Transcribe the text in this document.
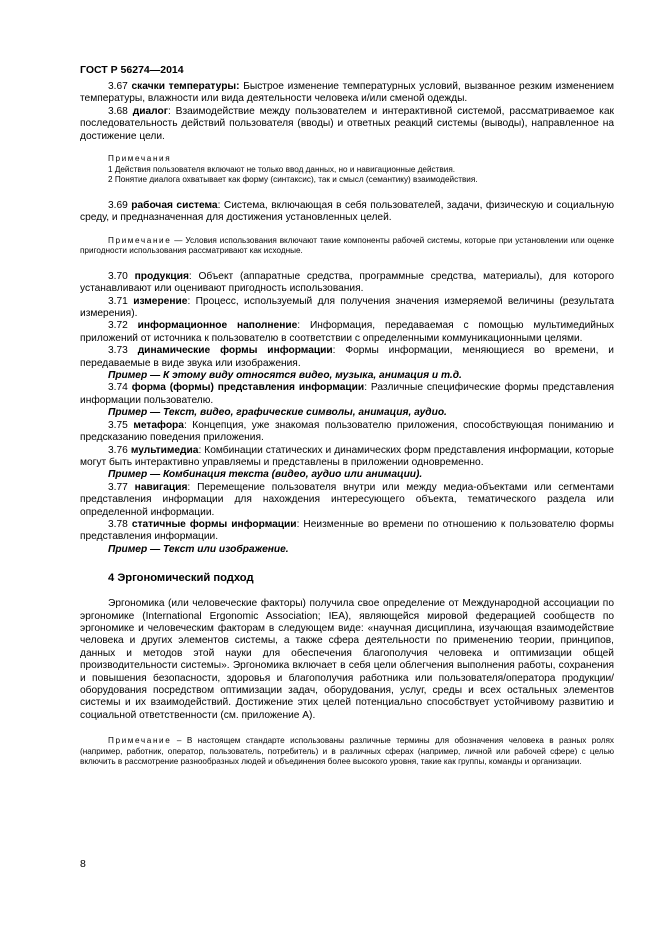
ГОСТ Р 56274—2014

3.67 скачки температуры: Быстрое изменение температурных условий, вызванное резким изменением температуры, влажности или вида деятельности человека и/или сменой одежды.

3.68 диалог: Взаимодействие между пользователем и интерактивной системой, рассматриваемое как последовательность действий пользователя (вводы) и ответных реакций системы (выводы), направленное на достижение цели.

Примечания

1 Действия пользователя включают не только ввод данных, но и навигационные действия.

2 Понятие диалога охватывает как форму (синтаксис), так и смысл (семантику) взаимодействия.

3.69 рабочая система: Система, включающая в себя пользователей, задачи, физическую и социальную среду, и предназначенная для достижения установленных целей.

Примечание — Условия использования включают такие компоненты рабочей системы, которые при установлении или оценке пригодности использования рассматривают как исходные.

3.70 продукция: Объект (аппаратные средства, программные средства, материалы), для которого устанавливают или оценивают пригодность использования.

3.71 измерение: Процесс, используемый для получения значения измеряемой величины (результата измерения).

3.72 информационное наполнение: Информация, передаваемая с помощью мультимедийных приложений от источника к пользователю в соответствии с определенными коммуникационными целями.

3.73 динамические формы информации: Формы информации, меняющиеся во времени, и передаваемые в виде звука или изображения.

Пример — К этому виду относятся видео, музыка, анимация и т.д.

3.74 форма (формы) представления информации: Различные специфические формы представления информации пользователю.

Пример — Текст, видео, графические символы, анимация, аудио.

3.75 метафора: Концепция, уже знакомая пользователю приложения, способствующая пониманию и предсказанию поведения приложения.

3.76 мультимедиа: Комбинации статических и динамических форм представления информации, которые могут быть интерактивно управляемы и представлены в приложении одновременно.

Пример — Комбинация текста (видео, аудио или анимации).

3.77 навигация: Перемещение пользователя внутри или между медиа-объектами или сегментами представления информации для нахождения интересующего объекта, тематического раздела или определенной информации.

3.78 статичные формы информации: Неизменные во времени по отношению к пользователю формы представления информации.

Пример — Текст или изображение.

4 Эргономический подход

Эргономика (или человеческие факторы) получила свое определение от Международной ассоциации по эргономике (International Ergonomic Association; IEA), являющейся мировой федерацией сообществ по эргономике и человеческим факторам в следующем виде: «научная дисциплина, изучающая взаимодействие человека и других элементов системы, а также сфера деятельности по применению теории, принципов, данных и методов этой науки для обеспечения благополучия человека и оптимизации общей производительности системы». Эргономика включает в себя цели облегчения выполнения работы, сохранения и повышения безопасности, здоровья и благополучия работника или пользователя/оператора продукции/оборудования посредством оптимизации задач, оборудования, услуг, среды и всех остальных элементов системы и их взаимодействий. Достижение этих целей потенциально способствует устойчивому развитию и социальной ответственности (см. приложение А).

Примечание – В настоящем стандарте использованы различные термины для обозначения человека в разных ролях (например, работник, оператор, пользователь, потребитель) и в различных сферах (например, личной или рабочей сфере) с целью включить в рассмотрение разнообразных людей и объединения более высокого уровня, такие как группы, команды и организации.

8
